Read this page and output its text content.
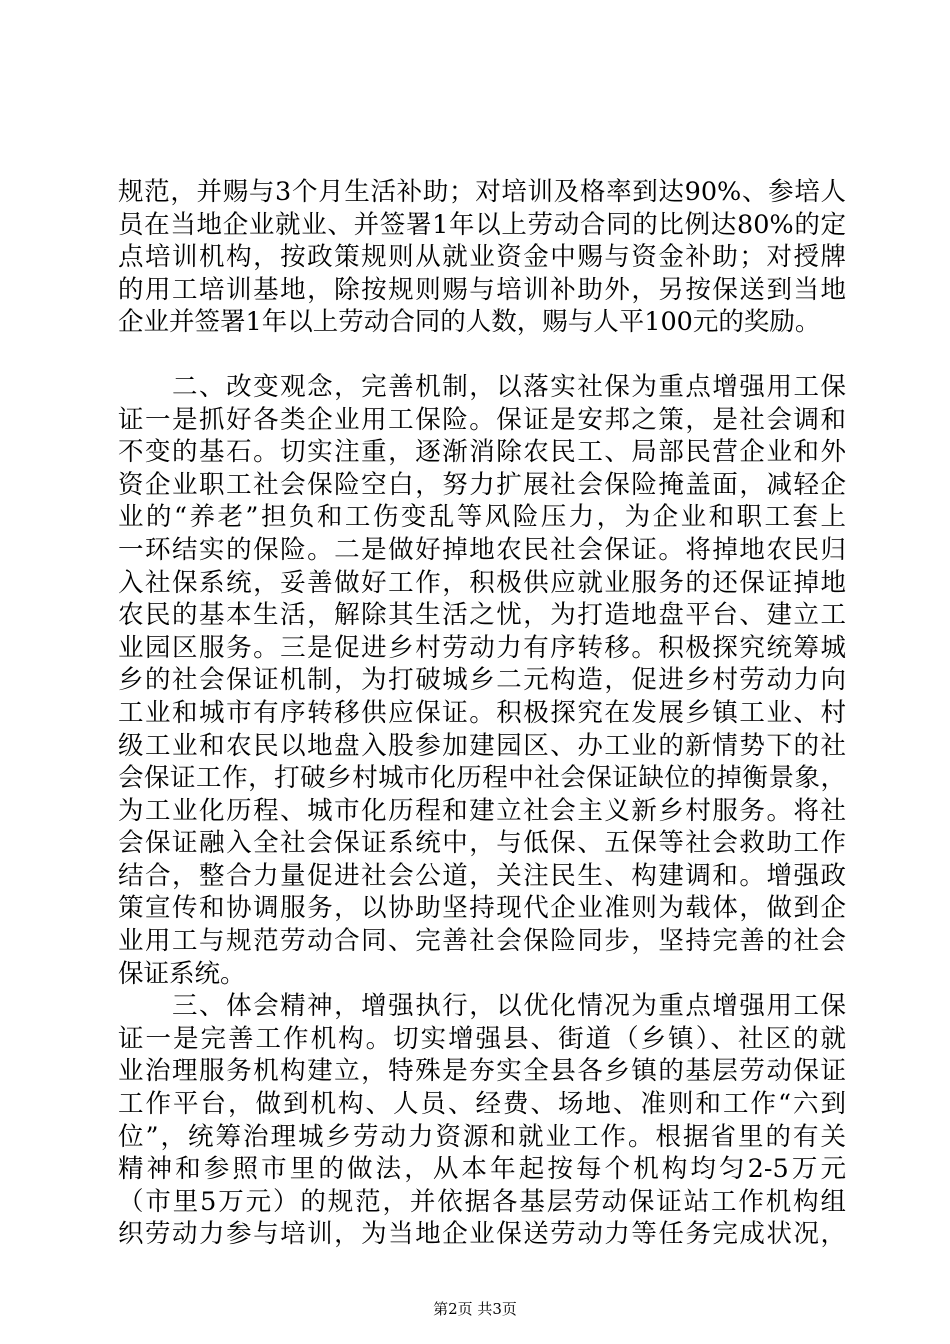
规范，并赐与3个月生活补助；对培训及格率到达90%、参培人
员在当地企业就业、并签署1年以上劳动合同的比例达80%的定
点培训机构，按政策规则从就业资金中赐与资金补助；对授牌
的用工培训基地，除按规则赐与培训补助外，另按保送到当地
企业并签署1年以上劳动合同的人数，赐与人平100元的奖励。
　　二、改变观念，完善机制，以落实社保为重点增强用工保
证一是抓好各类企业用工保险。保证是安邦之策，是社会调和
不变的基石。切实注重，逐渐消除农民工、局部民营企业和外
资企业职工社会保险空白，努力扩展社会保险掩盖面，减轻企
业的“养老”担负和工伤变乱等风险压力，为企业和职工套上
一环结实的保险。二是做好掉地农民社会保证。将掉地农民归
入社保系统，妥善做好工作，积极供应就业服务的还保证掉地
农民的基本生活，解除其生活之忧，为打造地盘平台、建立工
业园区服务。三是促进乡村劳动力有序转移。积极探究统筹城
乡的社会保证机制，为打破城乡二元构造，促进乡村劳动力向
工业和城市有序转移供应保证。积极探究在发展乡镇工业、村
级工业和农民以地盘入股参加建园区、办工业的新情势下的社
会保证工作，打破乡村城市化历程中社会保证缺位的掉衡景象，
为工业化历程、城市化历程和建立社会主义新乡村服务。将社
会保证融入全社会保证系统中，与低保、五保等社会救助工作
结合，整合力量促进社会公道，关注民生、构建调和。增强政
策宣传和协调服务，以协助坚持现代企业准则为载体，做到企
业用工与规范劳动合同、完善社会保险同步，坚持完善的社会
保证系统。
　　三、体会精神，增强执行，以优化情况为重点增强用工保
证一是完善工作机构。切实增强县、街道（乡镇）、社区的就
业治理服务机构建立，特殊是夯实全县各乡镇的基层劳动保证
工作平台，做到机构、人员、经费、场地、准则和工作“六到
位”，统筹治理城乡劳动力资源和就业工作。根据省里的有关
精神和参照市里的做法，从本年起按每个机构均匀2-5万元
（市里5万元）的规范，并依据各基层劳动保证站工作机构组
织劳动力参与培训，为当地企业保送劳动力等任务完成状况，
第2页 共3页
